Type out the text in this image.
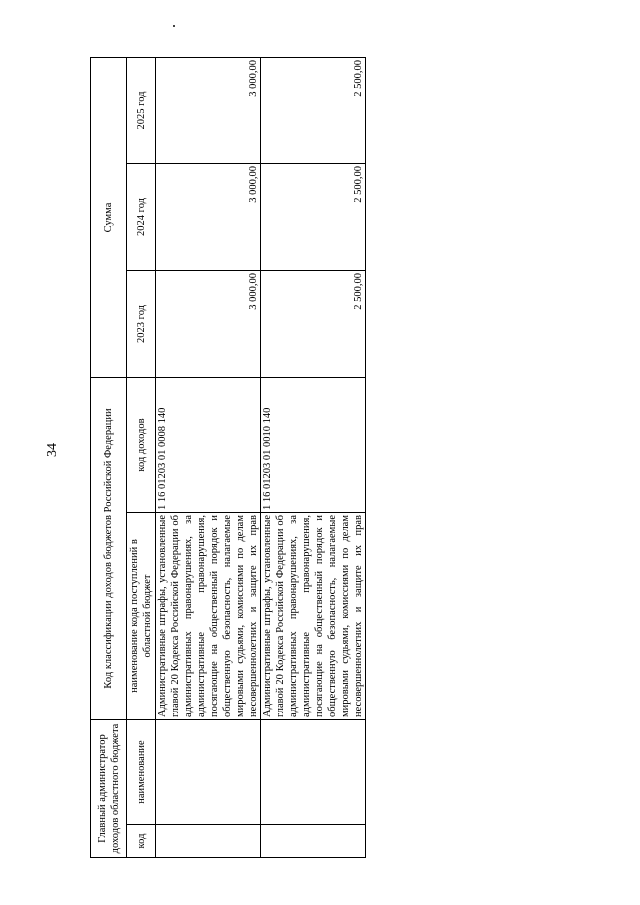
34
Главный администратор доходов областного бюджета		Код классификации доходов бюджетов Российской Федерации		Сумма		
код	наименование	наименование кода поступлений в областной бюджет	код доходов	2023 год	2024 год	2025 год
		Административные штрафы, установленные главой 20 Кодекса Российской Федерации об административных правонарушениях, за административные правонарушения, посягающие на общественный порядок и общественную безопасность, налагаемые мировыми судьями, комиссиями по делам несовершеннолетних и защите их прав	1 16 01203 01 0008 140	3 000,00	3 000,00	3 000,00
		Административные штрафы, установленные главой 20 Кодекса Российской Федерации об административных правонарушениях, за административные правонарушения, посягающие на общественный порядок и общественную безопасность, налагаемые мировыми судьями, комиссиями по делам несовершеннолетних и защите их прав	1 16 01203 01 0010 140	2 500,00	2 500,00	2 500,00
